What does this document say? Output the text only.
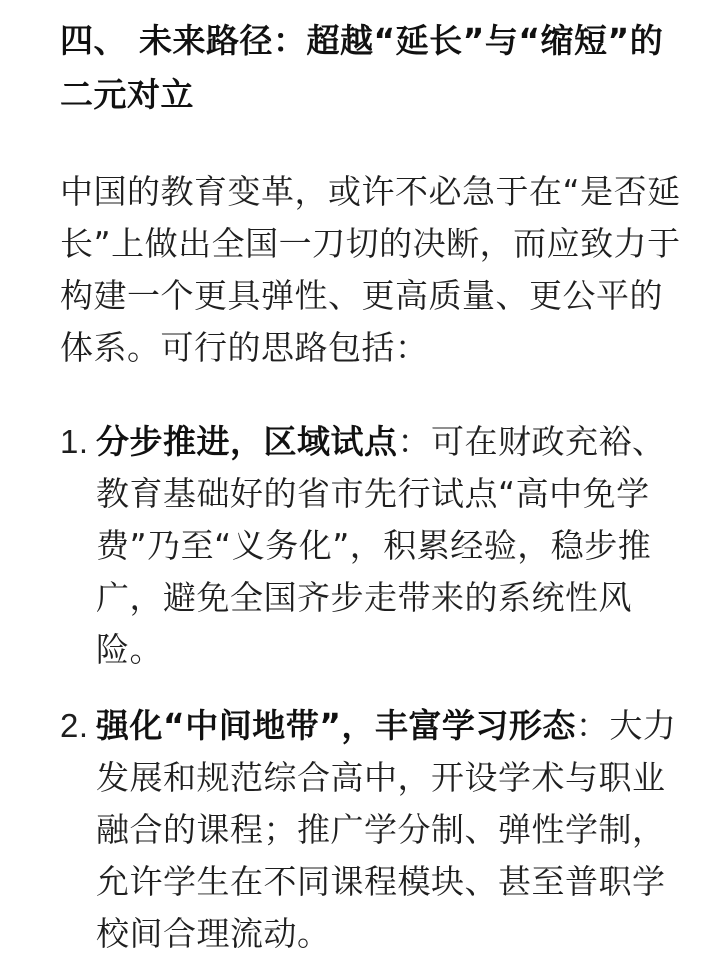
四、 未来路径：超越“延长”与“缩短”的二元对立

中国的教育变革，或许不必急于在“是否延长”上做出全国一刀切的决断，而应致力于构建一个更具弹性、更高质量、更公平的体系。可行的思路包括：

1. 分步推进，区域试点：可在财政充裕、教育基础好的省市先行试点“高中免学费”乃至“义务化”，积累经验，稳步推广，避免全国齐步走带来的系统性风险。
2. 强化“中间地带”，丰富学习形态：大力发展和规范综合高中，开设学术与职业融合的课程；推广学分制、弹性学制，允许学生在不同课程模块、甚至普职学校间合理流动。
